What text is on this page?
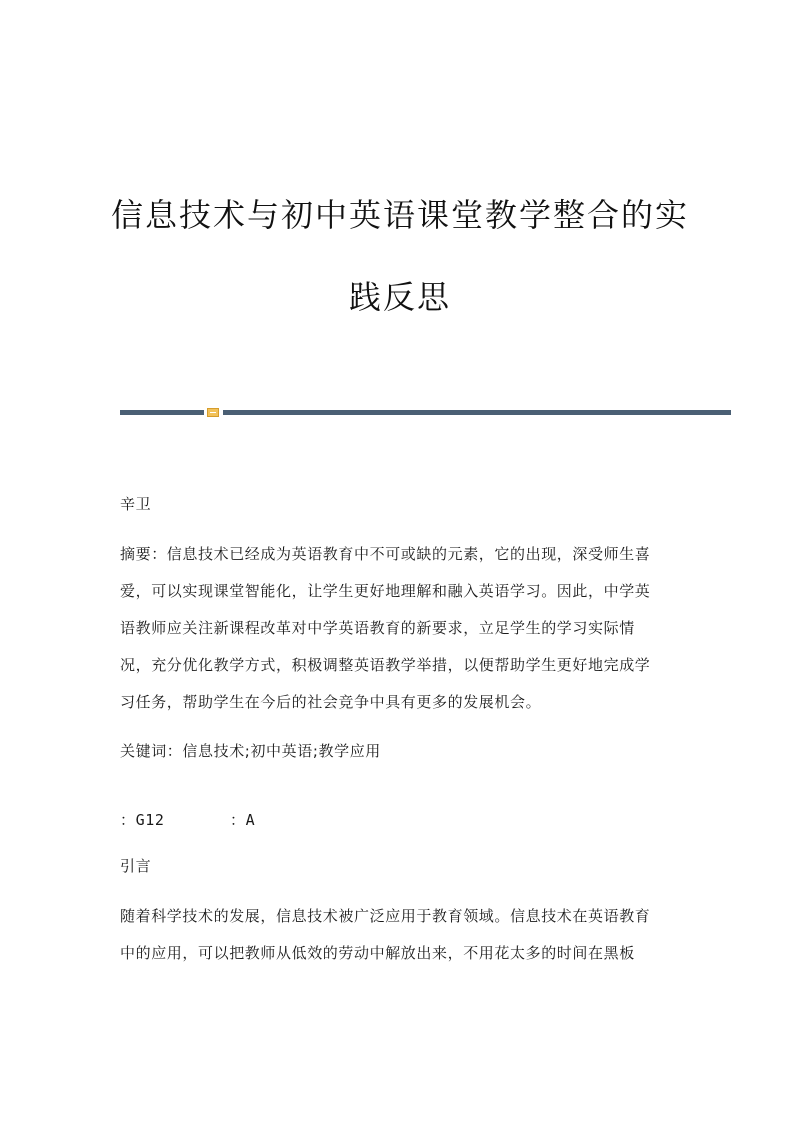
信息技术与初中英语课堂教学整合的实
践反思
辛卫
摘要：信息技术已经成为英语教育中不可或缺的元素，它的出现，深受师生喜
爱，可以实现课堂智能化，让学生更好地理解和融入英语学习。因此，中学英
语教师应关注新课程改革对中学英语教育的新要求，立足学生的学习实际情
况，充分优化教学方式，积极调整英语教学举措，以便帮助学生更好地完成学
习任务，帮助学生在今后的社会竞争中具有更多的发展机会。
关键词：信息技术;初中英语;教学应用
：G12	：A
引言
随着科学技术的发展，信息技术被广泛应用于教育领域。信息技术在英语教育
中的应用，可以把教师从低效的劳动中解放出来，不用花太多的时间在黑板
